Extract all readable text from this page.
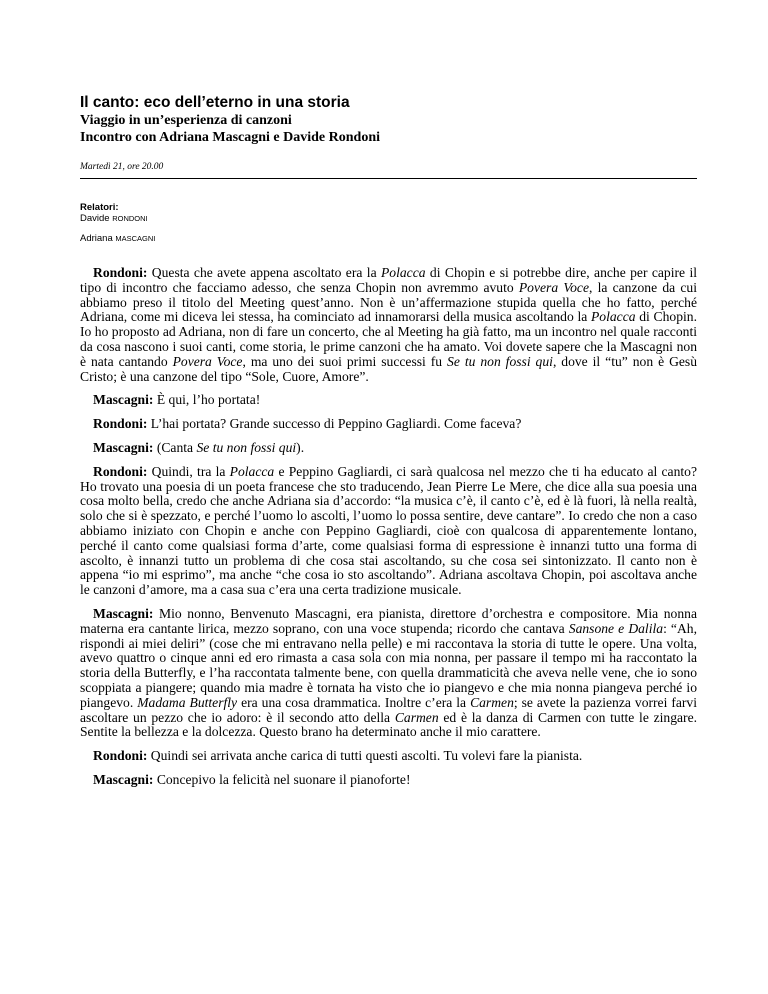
Il canto: eco dell’eterno in una storia

Viaggio in un’esperienza di canzoni

Incontro con Adriana Mascagni e Davide Rondoni

Martedì 21, ore 20.00
Relatori:
Davide RONDONI
Adriana MASCAGNI

Rondoni: Questa che avete appena ascoltato era la Polacca di Chopin e si potrebbe dire, anche per capire il tipo di incontro che facciamo adesso, che senza Chopin non avremmo avuto Povera Voce, la canzone da cui abbiamo preso il titolo del Meeting quest’anno. Non è un’affermazione stupida quella che ho fatto, perché Adriana, come mi diceva lei stessa, ha cominciato ad innamorarsi della musica ascoltando la Polacca di Chopin. Io ho proposto ad Adriana, non di fare un concerto, che al Meeting ha già fatto, ma un incontro nel quale racconti da cosa nascono i suoi canti, come storia, le prime canzoni che ha amato. Voi dovete sapere che la Mascagni non è nata cantando Povera Voce, ma uno dei suoi primi successi fu Se tu non fossi qui, dove il “tu” non è Gesù Cristo; è una canzone del tipo “Sole, Cuore, Amore”.

Mascagni: È qui, l’ho portata!

Rondoni: L’hai portata? Grande successo di Peppino Gagliardi. Come faceva?

Mascagni: (Canta Se tu non fossi qui).

Rondoni: Quindi, tra la Polacca e Peppino Gagliardi, ci sarà qualcosa nel mezzo che ti ha educato al canto? Ho trovato una poesia di un poeta francese che sto traducendo, Jean Pierre Le Mere, che dice alla sua poesia una cosa molto bella, credo che anche Adriana sia d’accordo: “la musica c’è, il canto c’è, ed è là fuori, là nella realtà, solo che si è spezzato, e perché l’uomo lo ascolti, l’uomo lo possa sentire, deve cantare”. Io credo che non a caso abbiamo iniziato con Chopin e anche con Peppino Gagliardi, cioè con qualcosa di apparentemente lontano, perché il canto come qualsiasi forma d’arte, come qualsiasi forma di espressione è innanzi tutto una forma di ascolto, è innanzi tutto un problema di che cosa stai ascoltando, su che cosa sei sintonizzato. Il canto non è appena “io mi esprimo”, ma anche “che cosa io sto ascoltando”. Adriana ascoltava Chopin, poi ascoltava anche le canzoni d’amore, ma a casa sua c’era una certa tradizione musicale.

Mascagni: Mio nonno, Benvenuto Mascagni, era pianista, direttore d’orchestra e compositore. Mia nonna materna era cantante lirica, mezzo soprano, con una voce stupenda; ricordo che cantava Sansone e Dalila: “Ah, rispondi ai miei deliri” (cose che mi entravano nella pelle) e mi raccontava la storia di tutte le opere. Una volta, avevo quattro o cinque anni ed ero rimasta a casa sola con mia nonna, per passare il tempo mi ha raccontato la storia della Butterfly, e l’ha raccontata talmente bene, con quella drammaticità che aveva nelle vene, che io sono scoppiata a piangere; quando mia madre è tornata ha visto che io piangevo e che mia nonna piangeva perché io piangevo. Madama Butterfly era una cosa drammatica. Inoltre c’era la Carmen; se avete la pazienza vorrei farvi ascoltare un pezzo che io adoro: è il secondo atto della Carmen ed è la danza di Carmen con tutte le zingare. Sentite la bellezza e la dolcezza. Questo brano ha determinato anche il mio carattere.

Rondoni: Quindi sei arrivata anche carica di tutti questi ascolti. Tu volevi fare la pianista.

Mascagni: Concepivo la felicità nel suonare il pianoforte!
